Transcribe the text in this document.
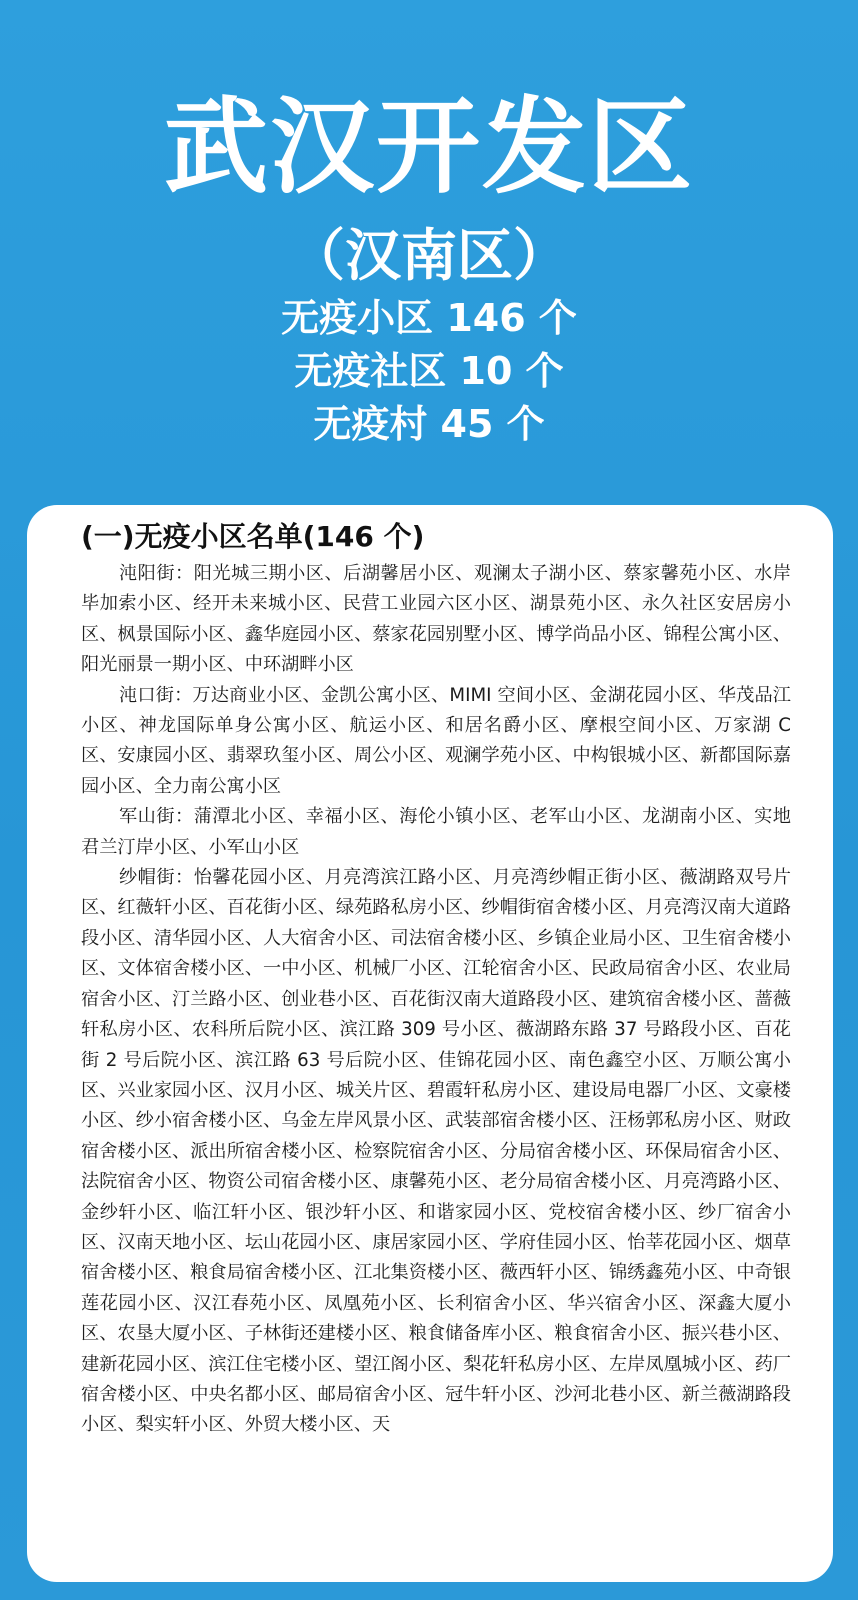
武汉开发区
（汉南区）
无疫小区 146 个
无疫社区 10 个
无疫村 45 个
(一)无疫小区名单(146 个)

沌阳街：阳光城三期小区、后湖馨居小区、观澜太子湖小区、蔡家馨苑小区、水岸毕加索小区、经开未来城小区、民营工业园六区小区、湖景苑小区、永久社区安居房小区、枫景国际小区、鑫华庭园小区、蔡家花园别墅小区、博学尚品小区、锦程公寓小区、阳光丽景一期小区、中环湖畔小区

沌口街：万达商业小区、金凯公寓小区、MIMI 空间小区、金湖花园小区、华茂品江小区、神龙国际单身公寓小区、航运小区、和居名爵小区、摩根空间小区、万家湖 C 区、安康园小区、翡翠玖玺小区、周公小区、观澜学苑小区、中构银城小区、新都国际嘉园小区、全力南公寓小区

军山街：蒲潭北小区、幸福小区、海伦小镇小区、老军山小区、龙湖南小区、实地君兰汀岸小区、小军山小区

纱帽街：怡馨花园小区、月亮湾滨江路小区、月亮湾纱帽正街小区、薇湖路双号片区、红薇轩小区、百花街小区、绿苑路私房小区、纱帽街宿舍楼小区、月亮湾汉南大道路段小区、清华园小区、人大宿舍小区、司法宿舍楼小区、乡镇企业局小区、卫生宿舍楼小区、文体宿舍楼小区、一中小区、机械厂小区、江轮宿舍小区、民政局宿舍小区、农业局宿舍小区、汀兰路小区、创业巷小区、百花街汉南大道路段小区、建筑宿舍楼小区、蔷薇轩私房小区、农科所后院小区、滨江路 309 号小区、薇湖路东路 37 号路段小区、百花街 2 号后院小区、滨江路 63 号后院小区、佳锦花园小区、南色鑫空小区、万顺公寓小区、兴业家园小区、汉月小区、城关片区、碧霞轩私房小区、建设局电器厂小区、文豪楼小区、纱小宿舍楼小区、乌金左岸风景小区、武装部宿舍楼小区、汪杨郭私房小区、财政宿舍楼小区、派出所宿舍楼小区、检察院宿舍小区、分局宿舍楼小区、环保局宿舍小区、法院宿舍小区、物资公司宿舍楼小区、康馨苑小区、老分局宿舍楼小区、月亮湾路小区、金纱轩小区、临江轩小区、银沙轩小区、和谐家园小区、党校宿舍楼小区、纱厂宿舍小区、汉南天地小区、坛山花园小区、康居家园小区、学府佳园小区、怡莘花园小区、烟草宿舍楼小区、粮食局宿舍楼小区、江北集资楼小区、薇西轩小区、锦绣鑫苑小区、中奇银莲花园小区、汉江春苑小区、凤凰苑小区、长利宿舍小区、华兴宿舍小区、深鑫大厦小区、农垦大厦小区、子林街还建楼小区、粮食储备库小区、粮食宿舍小区、振兴巷小区、建新花园小区、滨江住宅楼小区、望江阁小区、梨花轩私房小区、左岸凤凰城小区、药厂宿舍楼小区、中央名都小区、邮局宿舍小区、冠牛轩小区、沙河北巷小区、新兰薇湖路段小区、梨实轩小区、外贸大楼小区、天
